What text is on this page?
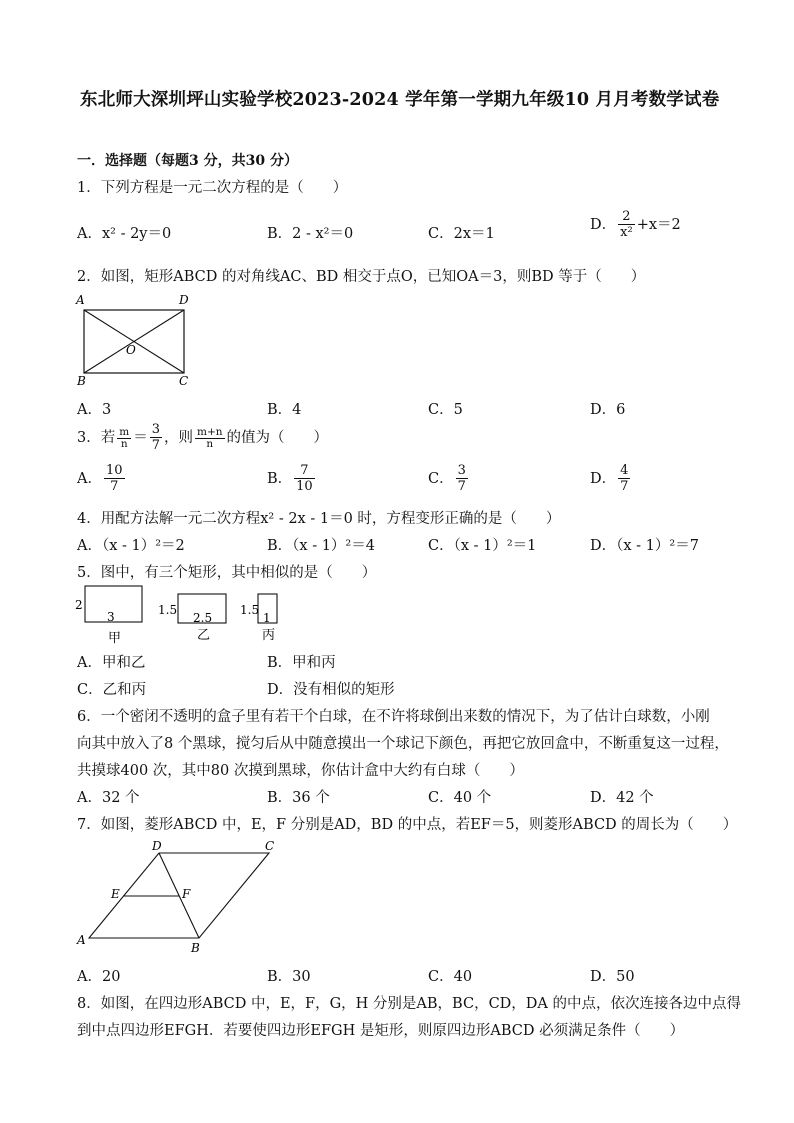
东北师大深圳坪山实验学校2023-2024 学年第一学期九年级10 月月考数学试卷
一．选择题（每题3 分，共30 分）
1．下列方程是一元二次方程的是（　　）
A．x² - 2y＝0	B．2 - x²＝0	C．2x＝1
D． $\frac{2}{\text{x²}} +x=2$
2．如图，矩形ABCD 的对角线AC、BD 相交于点O，已知OA＝3，则BD 等于（　　）
A	D
B	C
O
A．3	B．4	C．5	D．6
3．若 $\frac{m}{n} = \frac{3}{7}$ ，则 $\frac{m+n}{n}$ 的值为（　　）
A． $\frac{10}{7}$	B． $\frac{7}{10}$	C． $\frac{3}{7}$	D． $\frac{4}{7}$
4．用配方法解一元二次方程x² - 2x - 1＝0 时，方程变形正确的是（　　）
A．（x - 1）²＝2	B．（x - 1）²＝4	C．（x - 1）²＝1	D．（x - 1）²＝7
5．图中，有三个矩形，其中相似的是（　　）
2
3
甲
1.5
2.5
乙
1.5
1
丙
A．甲和乙	B．甲和丙
C．乙和丙	D．没有相似的矩形
6．一个密闭不透明的盒子里有若干个白球，在不许将球倒出来数的情况下，为了估计白球数，小刚
向其中放入了8 个黑球，搅匀后从中随意摸出一个球记下颜色，再把它放回盒中，不断重复这一过程，
共摸球400 次，其中80 次摸到黑球，你估计盒中大约有白球（　　）
A．32 个	B．36 个	C．40 个	D．42 个
7．如图，菱形ABCD 中，E，F 分别是AD，BD 的中点，若EF＝5，则菱形ABCD 的周长为（　　）
A
B
C
D
E	F
A．20	B．30	C．40	D．50
8．如图，在四边形ABCD 中，E，F，G，H 分别是AB，BC，CD，DA 的中点，依次连接各边中点得
到中点四边形EFGH．若要使四边形EFGH 是矩形，则原四边形ABCD 必须满足条件（　　）
